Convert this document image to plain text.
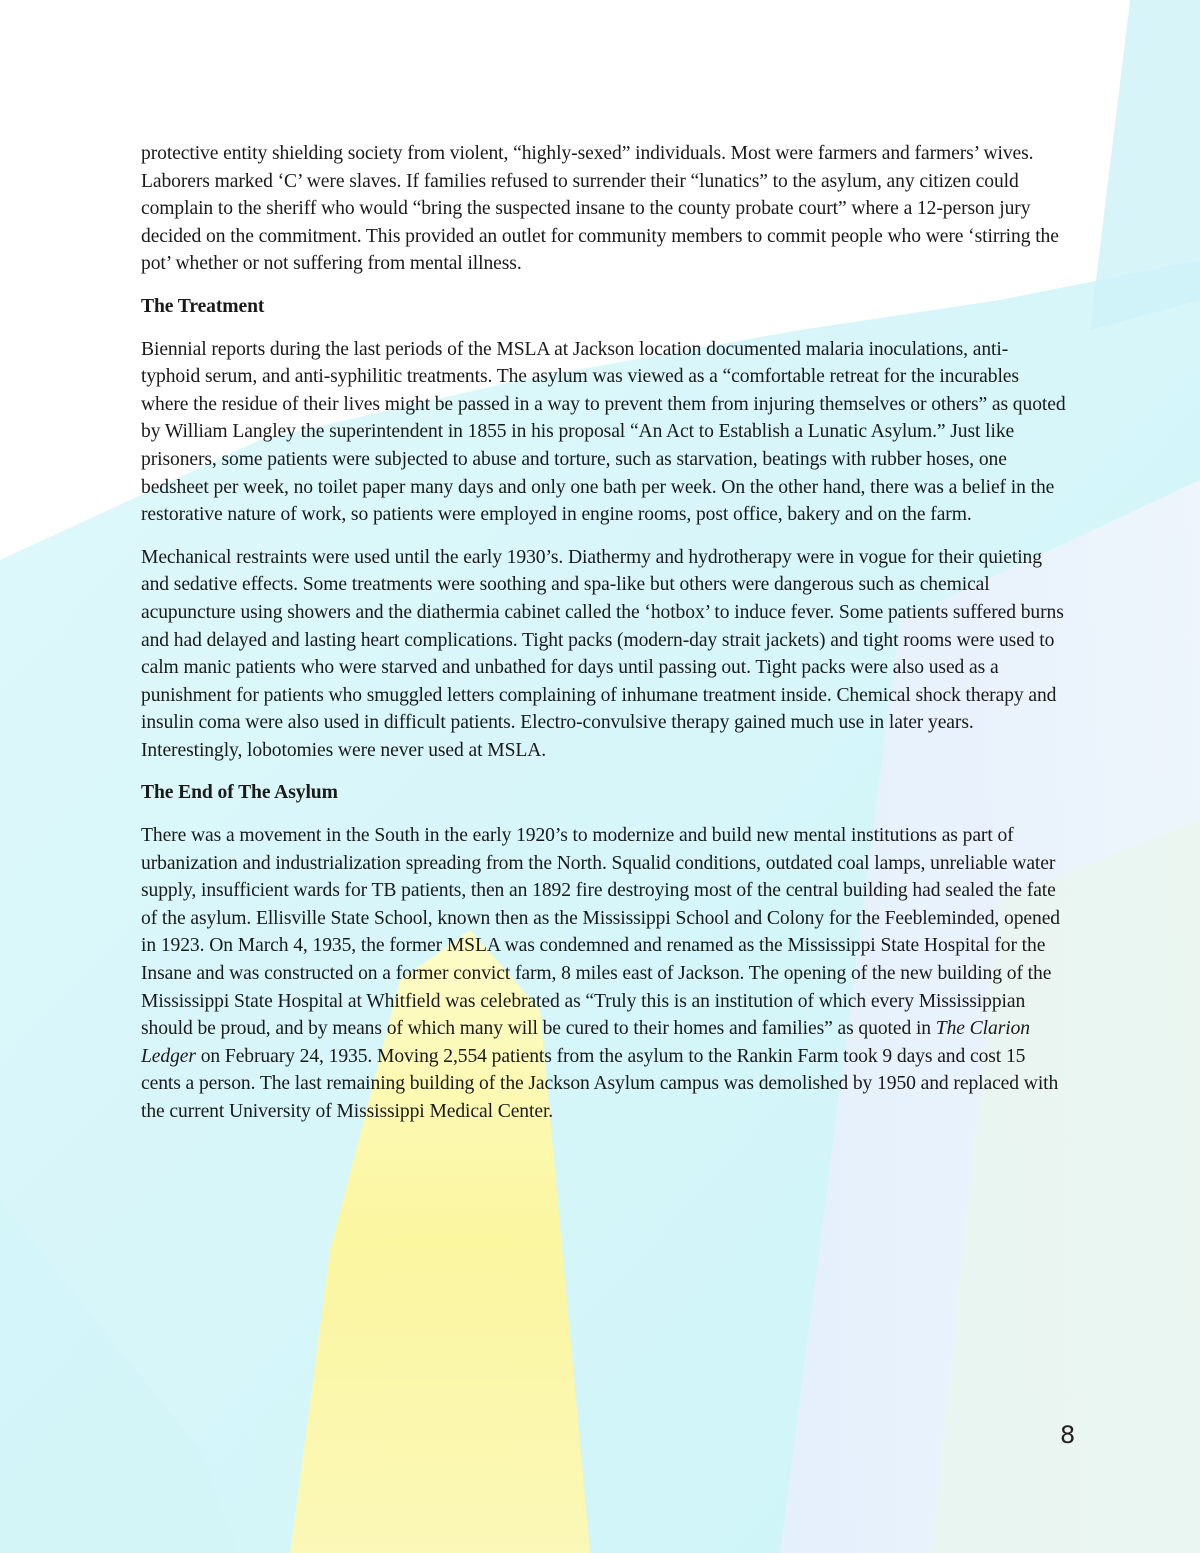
protective entity shielding society from violent, “highly-sexed” individuals. Most were farmers and farmers’ wives. Laborers marked ‘C’ were slaves. If families refused to surrender their “lunatics” to the asylum, any citizen could complain to the sheriff who would “bring the suspected insane to the county probate court” where a 12-person jury decided on the commitment. This provided an outlet for community members to commit people who were ‘stirring the pot’ whether or not suffering from mental illness.

The Treatment

Biennial reports during the last periods of the MSLA at Jackson location documented malaria inoculations, anti-typhoid serum, and anti-syphilitic treatments. The asylum was viewed as a “comfortable retreat for the incurables where the residue of their lives might be passed in a way to prevent them from injuring themselves or others” as quoted by William Langley the superintendent in 1855 in his proposal “An Act to Establish a Lunatic Asylum.” Just like prisoners, some patients were subjected to abuse and torture, such as starvation, beatings with rubber hoses, one bedsheet per week, no toilet paper many days and only one bath per week. On the other hand, there was a belief in the restorative nature of work, so patients were employed in engine rooms, post office, bakery and on the farm.

Mechanical restraints were used until the early 1930’s. Diathermy and hydrotherapy were in vogue for their quieting and sedative effects. Some treatments were soothing and spa-like but others were dangerous such as chemical acupuncture using showers and the diathermia cabinet called the ‘hotbox’ to induce fever. Some patients suffered burns and had delayed and lasting heart complications. Tight packs (modern-day strait jackets) and tight rooms were used to calm manic patients who were starved and unbathed for days until passing out. Tight packs were also used as a punishment for patients who smuggled letters complaining of inhumane treatment inside. Chemical shock therapy and insulin coma were also used in difficult patients. Electro-convulsive therapy gained much use in later years. Interestingly, lobotomies were never used at MSLA.

The End of The Asylum

There was a movement in the South in the early 1920’s to modernize and build new mental institutions as part of urbanization and industrialization spreading from the North. Squalid conditions, outdated coal lamps, unreliable water supply, insufficient wards for TB patients, then an 1892 fire destroying most of the central building had sealed the fate of the asylum. Ellisville State School, known then as the Mississippi School and Colony for the Feebleminded, opened in 1923. On March 4, 1935, the former MSLA was condemned and renamed as the Mississippi State Hospital for the Insane and was constructed on a former convict farm, 8 miles east of Jackson. The opening of the new building of the Mississippi State Hospital at Whitfield was celebrated as “Truly this is an institution of which every Mississippian should be proud, and by means of which many will be cured to their homes and families” as quoted in The Clarion Ledger on February 24, 1935. Moving 2,554 patients from the asylum to the Rankin Farm took 9 days and cost 15 cents a person. The last remaining building of the Jackson Asylum campus was demolished by 1950 and replaced with the current University of Mississippi Medical Center.

8
